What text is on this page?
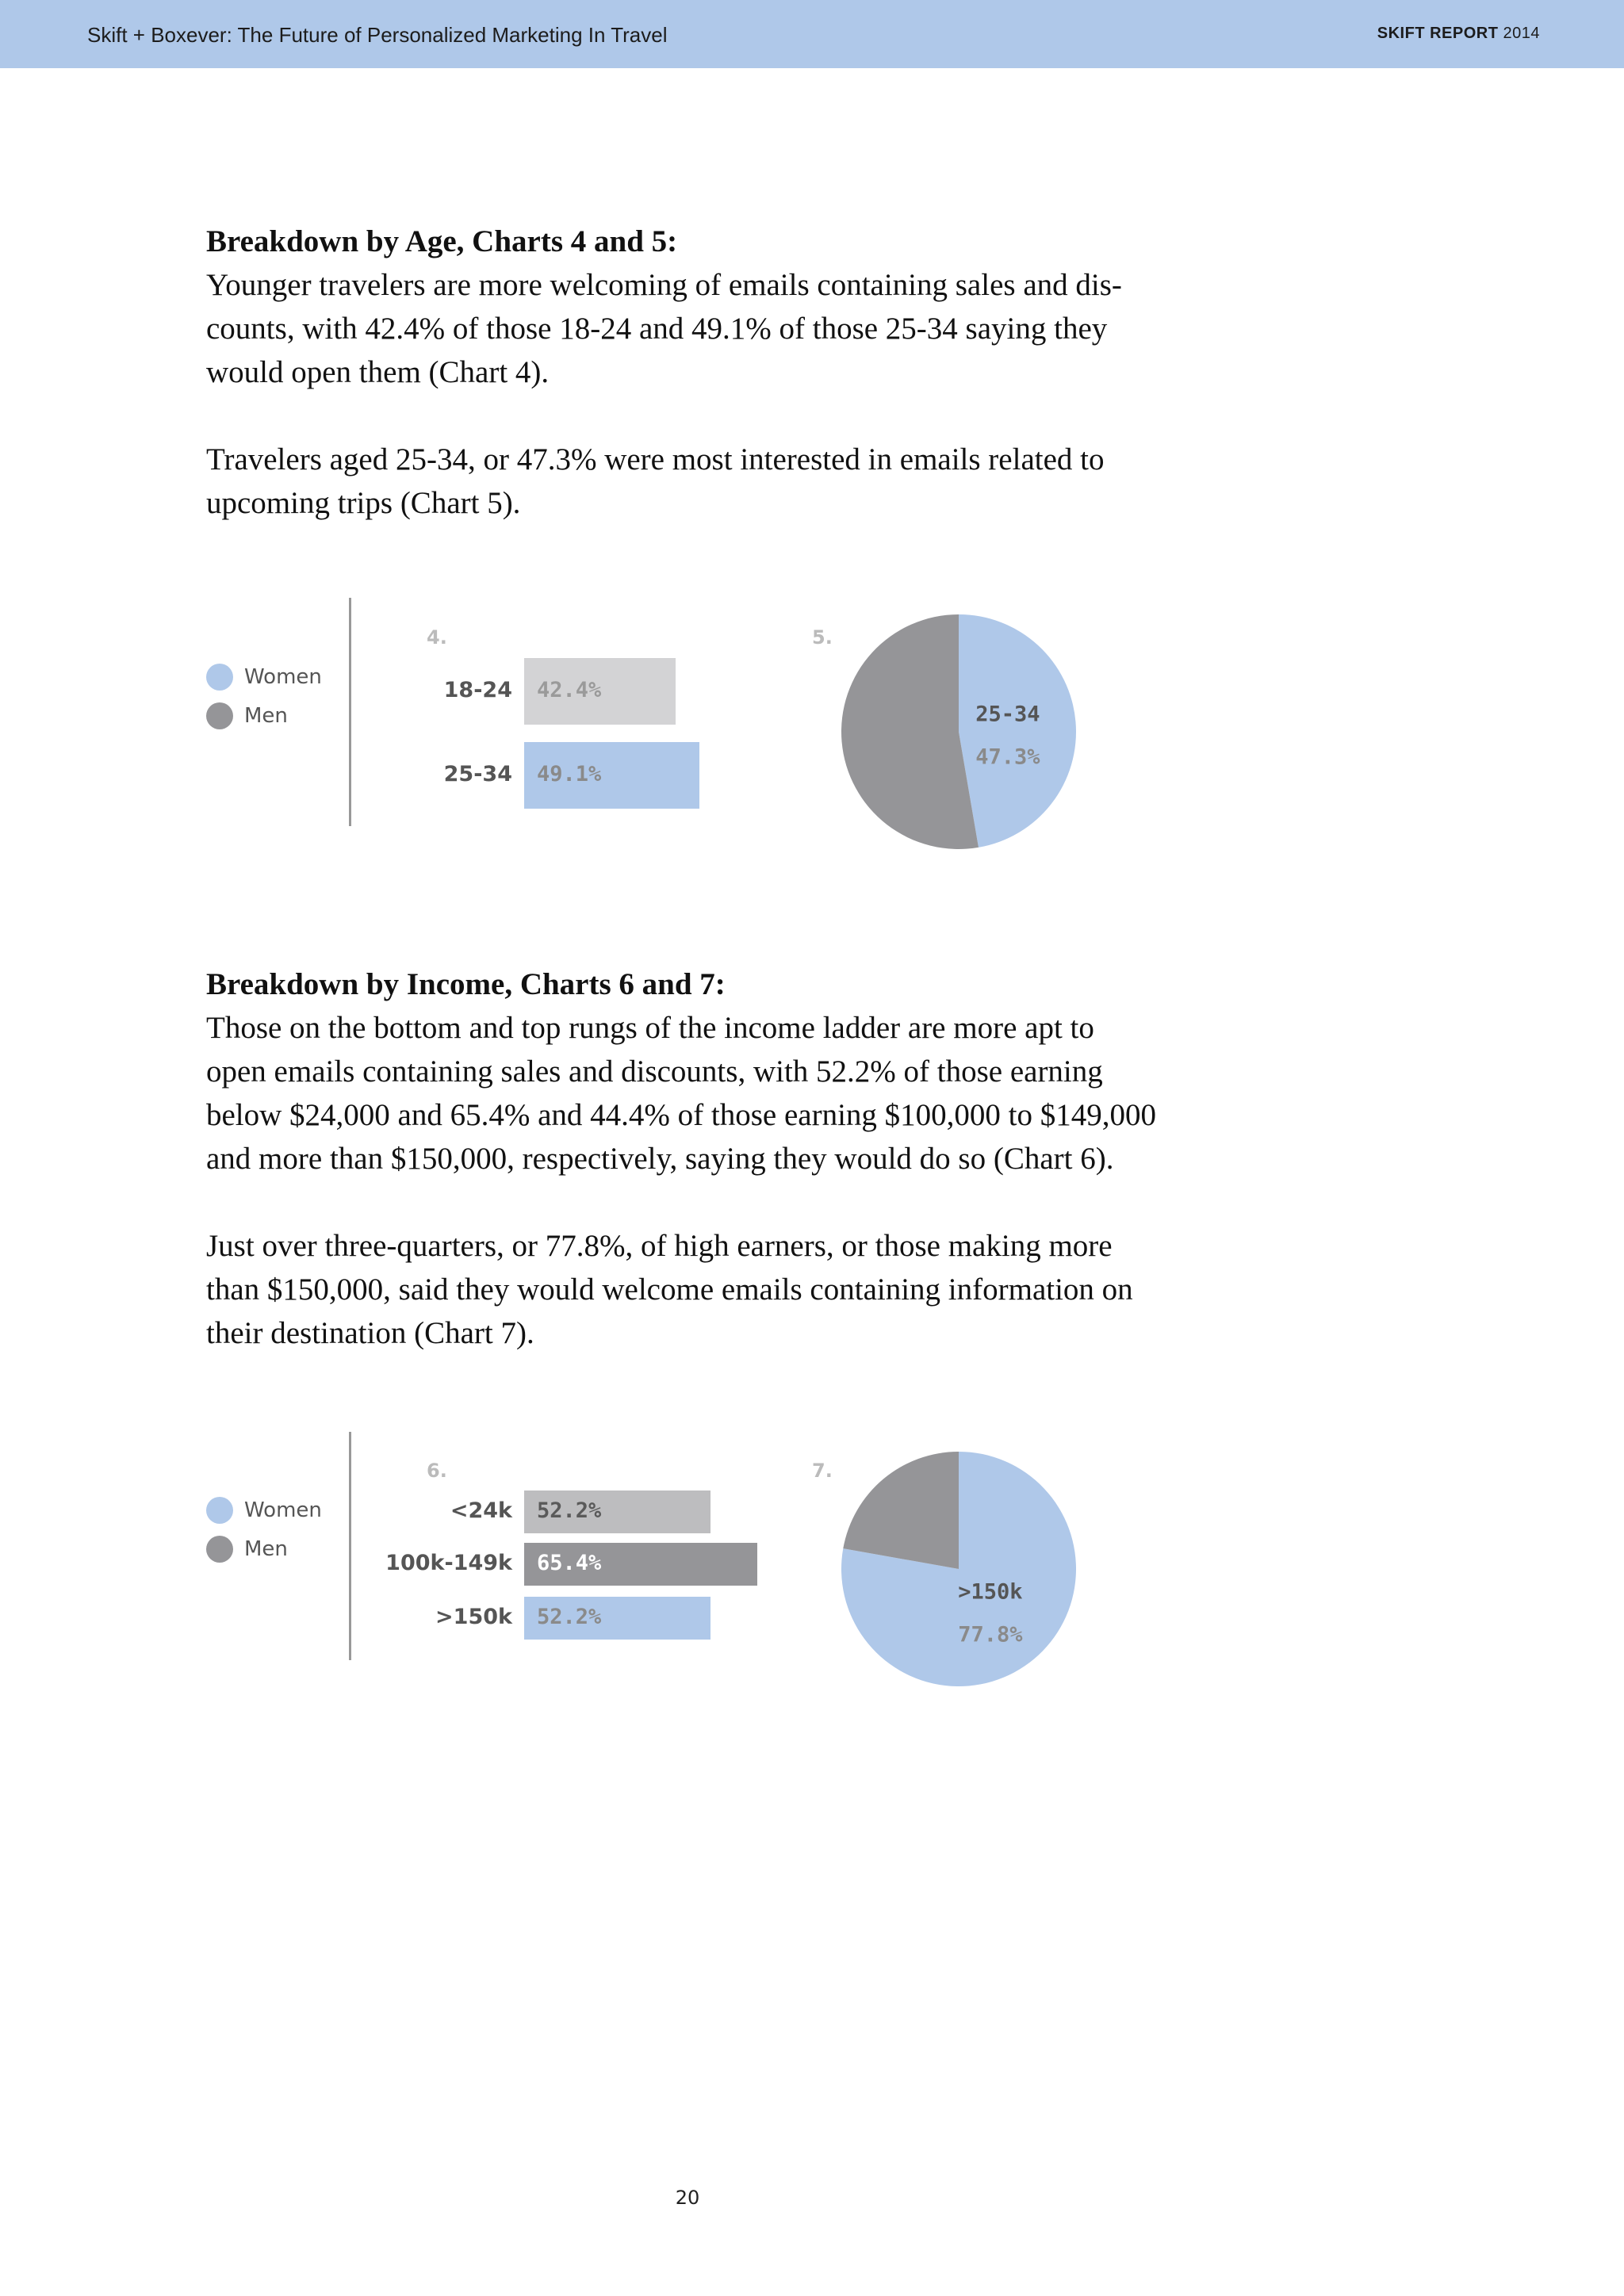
Skift + Boxever: The Future of Personalized Marketing In Travel	SKIFT REPORT 2014
Breakdown by Age, Charts 4 and 5:

Younger travelers are more welcoming of emails containing sales and dis-
counts, with 42.4% of those 18-24 and 49.1% of those 25-34 saying they
would open them (Chart 4).

Travelers aged 25-34, or 47.3% were most interested in emails related to
upcoming trips (Chart 5).

Women
Men
4.
18-24 42.4%
25-34 49.1%
5.
25-34
47.3%
Breakdown by Income, Charts 6 and 7:

Those on the bottom and top rungs of the income ladder are more apt to
open emails containing sales and discounts, with 52.2% of those earning
below $24,000 and 65.4% and 44.4% of those earning $100,000 to $149,000
and more than $150,000, respectively, saying they would do so (Chart 6).

Just over three-quarters, or 77.8%, of high earners, or those making more
than $150,000, said they would welcome emails containing information on
their destination (Chart 7).

Women
Men
6.
<24k 52.2%
100k-149k 65.4%
>150k 52.2%
7.
>150k
77.8%
20
